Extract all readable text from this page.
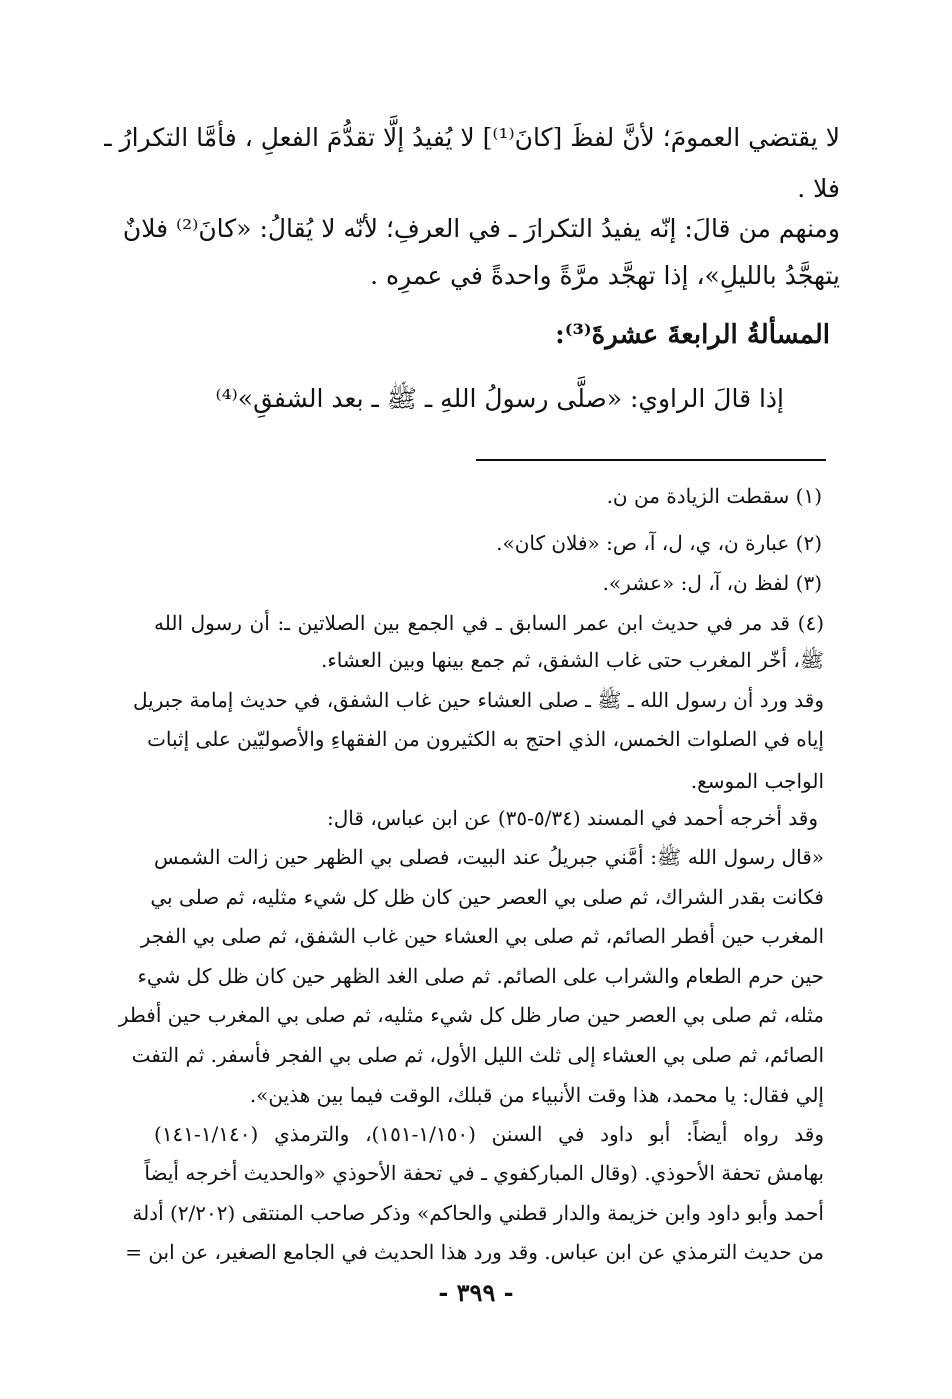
لا يقتضي العمومَ؛ لأنَّ لفظَ [كانَ⁽¹⁾] لا يُفيدُ إلَّا تقدُّمَ الفعلِ ، فأمَّا التكرارُ ـ
فلا .
ومنهم من قالَ: إنّه يفيدُ التكرارَ ـ في العرفِ؛ لأنّه لا يُقالُ: «كانَ⁽²⁾ فلانٌ
يتهجَّدُ بالليلِ»، إذا تهجَّد مرَّةً واحدةً في عمرِه .
المسألةُ الرابعةَ عشرةَ⁽³⁾:
إذا قالَ الراوي: «صلَّى رسولُ اللهِ ـ ﷺ ـ بعد الشفقِ»⁽⁴⁾
(١) سقطت الزيادة من ن.
(٢) عبارة ن، ي، ل، آ، ص: «فلان كان».
(٣) لفظ ن، آ، ل: «عشر».
(٤) قد مر في حديث ابن عمر السابق ـ في الجمع بين الصلاتين ـ: أن رسول الله
ﷺ، أخّر المغرب حتى غاب الشفق، ثم جمع بينها وبين العشاء.
وقد ورد أن رسول الله ـ ﷺ ـ صلى العشاء حين غاب الشفق، في حديث إمامة جبريل
إياه في الصلوات الخمس، الذي احتج به الكثيرون من الفقهاءِ والأصوليّين على إثبات
الواجب الموسع.
وقد أخرجه أحمد في المسند (٥/٣٤-٣٥) عن ابن عباس، قال:
«قال رسول الله ﷺ: أمَّني جبريلُ عند البيت، فصلى بي الظهر حين زالت الشمس
فكانت بقدر الشراك، ثم صلى بي العصر حين كان ظل كل شيء مثليه، ثم صلى بي
المغرب حين أفطر الصائم، ثم صلى بي العشاء حين غاب الشفق، ثم صلى بي الفجر
حين حرم الطعام والشراب على الصائم. ثم صلى الغد الظهر حين كان ظل كل شيء
مثله، ثم صلى بي العصر حين صار ظل كل شيء مثليه، ثم صلى بي المغرب حين أفطر
الصائم، ثم صلى بي العشاء إلى ثلث الليل الأول، ثم صلى بي الفجر فأسفر. ثم التفت
إلي فقال: يا محمد، هذا وقت الأنبياء من قبلك، الوقت فيما بين هذين».
وقد رواه أيضاً: أبو داود في السنن (١/١٥٠-١٥١)، والترمذي (١/١٤٠-١٤١)
بهامش تحفة الأحوذي. (وقال المباركفوي ـ في تحفة الأحوذي «والحديث أخرجه أيضاً
أحمد وأبو داود وابن خزيمة والدار قطني والحاكم» وذكر صاحب المنتقى (٢/٢٠٢) أدلة
من حديث الترمذي عن ابن عباس. وقد ورد هذا الحديث في الجامع الصغير، عن ابن =
- ٣٩٩ -
